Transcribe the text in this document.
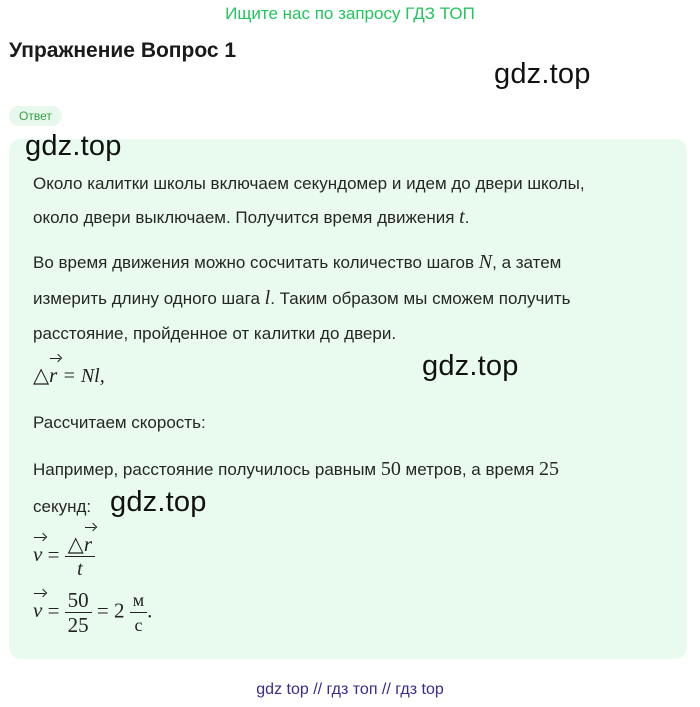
Ищите нас по запросу ГДЗ ТОП
Упражнение Вопрос 1
gdz.top
Ответ
gdz.top
Около калитки школы включаем секундомер и идем до двери школы,
около двери выключаем. Получится время движения t.
Во время движения можно сосчитать количество шагов N, а затем
измерить длину одного шага l. Таким образом мы сможем получить
расстояние, пройденное от калитки до двери.
△r = Nl,	gdz.top
Рассчитаем скорость:
Например, расстояние получилось равным 50 метров, а время 25
секунд: gdz.top
$v = \frac{\triangle r}{t}$
$v = \frac{50}{25} = 2 \frac{м}{с}$ .
gdz top // гдз топ // гдз top
